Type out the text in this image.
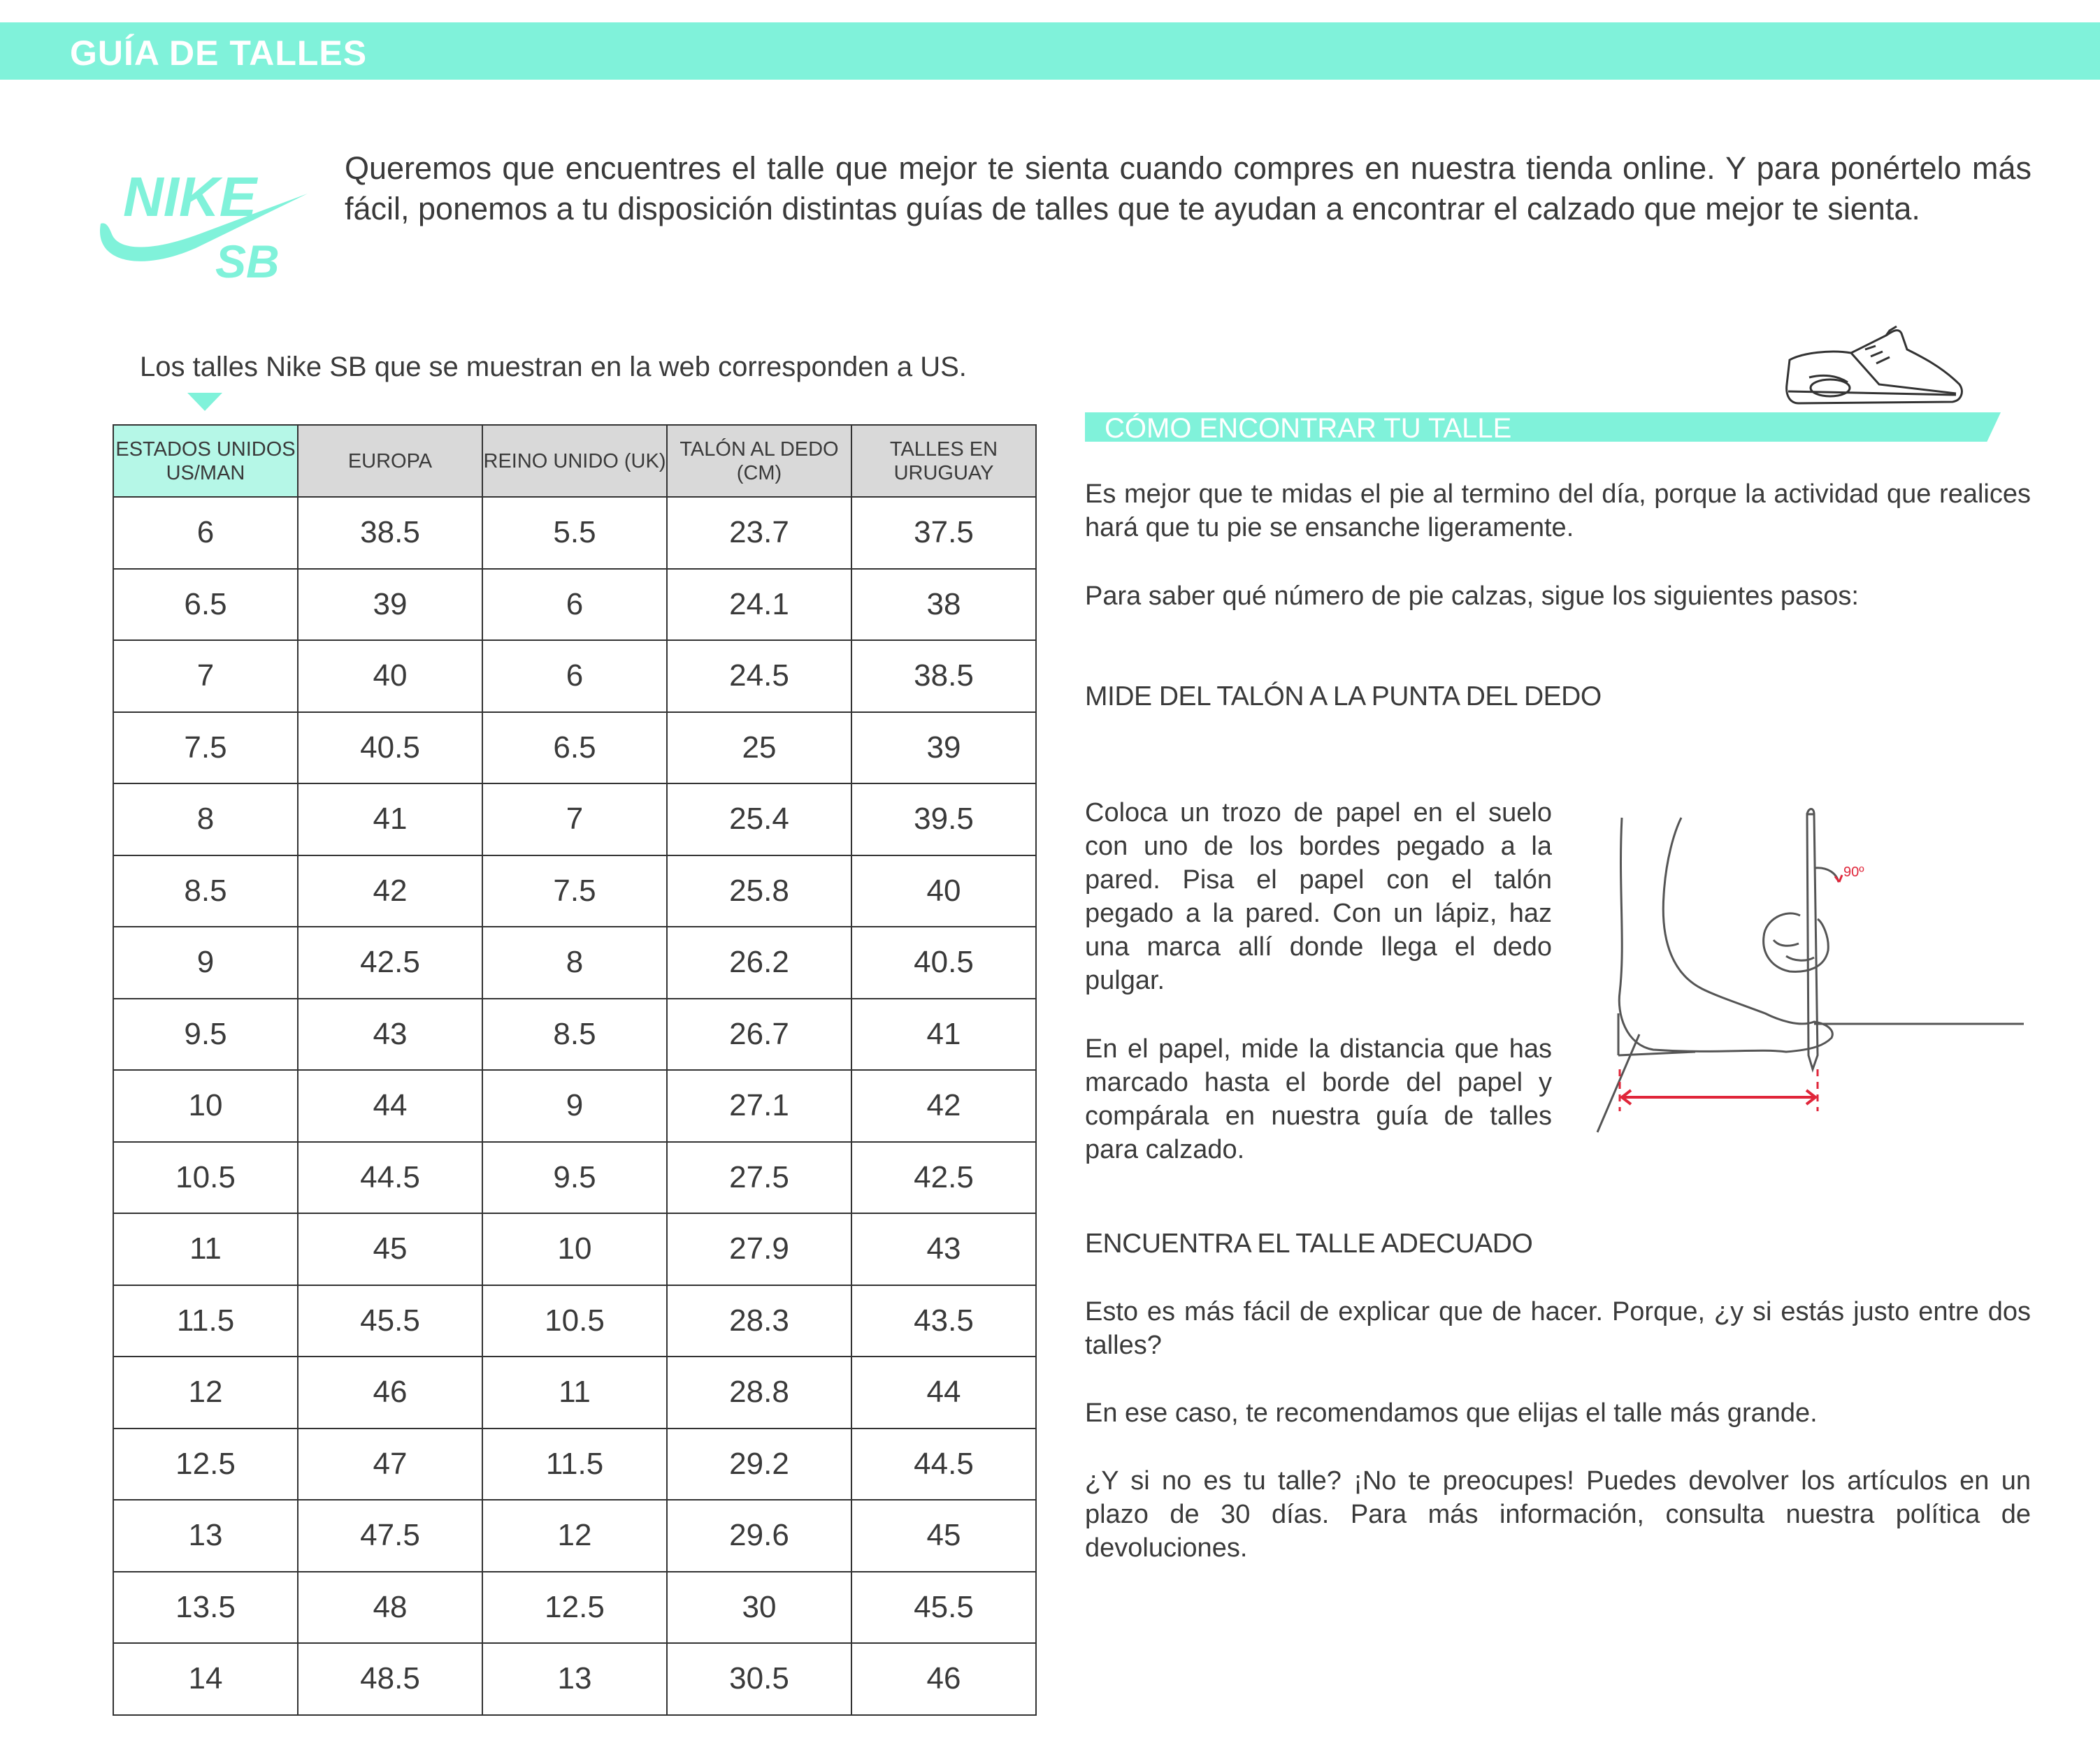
GUÍA DE TALLES
NIKE
SB

Queremos que encuentres el talle que mejor te sienta cuando compres en nuestra tienda online. Y para ponértelo más fácil, ponemos a tu disposición distintas guías de talles que te ayudan a encontrar el calzado que mejor te sienta.

Los talles Nike SB que se muestran en la web corresponden a US.
ESTADOS UNIDOS US/MAN	EUROPA	REINO UNIDO (UK)	TALÓN AL DEDO (CM)	TALLES EN URUGUAY
6	38.5	5.5	23.7	37.5
6.5	39	6	24.1	38
7	40	6	24.5	38.5
7.5	40.5	6.5	25	39
8	41	7	25.4	39.5
8.5	42	7.5	25.8	40
9	42.5	8	26.2	40.5
9.5	43	8.5	26.7	41
10	44	9	27.1	42
10.5	44.5	9.5	27.5	42.5
11	45	10	27.9	43
11.5	45.5	10.5	28.3	43.5
12	46	11	28.8	44
12.5	47	11.5	29.2	44.5
13	47.5	12	29.6	45
13.5	48	12.5	30	45.5
14	48.5	13	30.5	46
CÓMO ENCONTRAR TU TALLE

Es mejor que te midas el pie al termino del día, porque la actividad que realices hará que tu pie se ensanche ligeramente.

Para saber qué número de pie calzas, sigue los siguientes pasos:

MIDE DEL TALÓN A LA PUNTA DEL DEDO

Coloca un trozo de papel en el suelo con uno de los bordes pegado a la pared. Pisa el papel con el talón pegado a la pared. Con un lápiz, haz una marca allí donde llega el dedo pulgar.

En el papel, mide la distancia que has marcado hasta el borde del papel y compárala en nuestra guía de talles para calzado.

90º
ENCUENTRA EL TALLE ADECUADO

Esto es más fácil de explicar que de hacer. Porque, ¿y si estás justo entre dos talles?

En ese caso, te recomendamos que elijas el talle más grande.

¿Y si no es tu talle? ¡No te preocupes! Puedes devolver los artículos en un plazo de 30 días. Para más información, consulta nuestra política de devoluciones.
